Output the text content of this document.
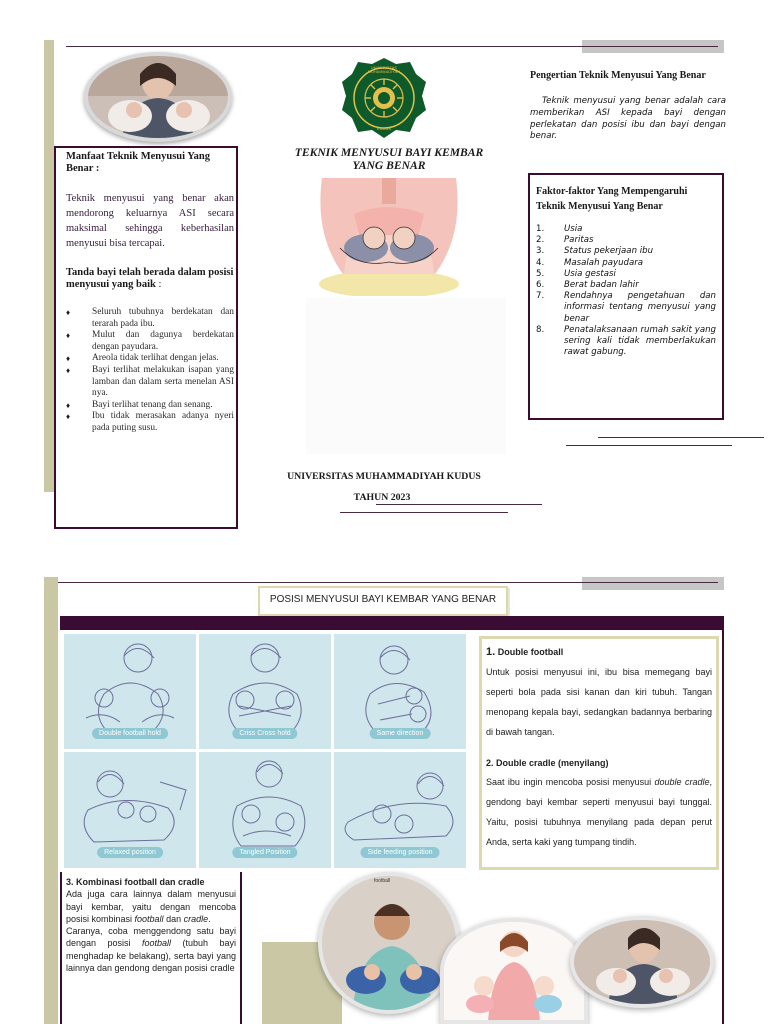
Manfaat Teknik Menyusui Yang Benar :

Teknik menyusui yang benar akan mendorong keluarnya ASI secara maksimal sehingga keberhasilan menyusui bisa tercapai.

Tanda bayi telah berada dalam posisi menyusui yang baik :
♦ Seluruh tubuhnya berdekatan dan terarah pada ibu.
♦ Mulut dan dagunya berdekatan dengan payudara.
♦ Areola tidak terlihat dengan jelas.
♦ Bayi terlihat melakukan isapan yang lamban dan dalam serta menelan ASI nya.
♦ Bayi terlihat tenang dan senang.
♦ Ibu tidak merasakan adanya nyeri pada puting susu.
UNIVERSITAS MUHAMMADIYAH
KUDUS
TEKNIK MENYUSUI BAYI KEMBAR
YANG BENAR
UNIVERSITAS MUHAMMADIYAH KUDUS
TAHUN 2023
Pengertian Teknik Menyusui Yang Benar
Teknik menyusui yang benar adalah cara memberikan ASI kepada bayi dengan perlekatan dan posisi ibu dan bayi dengan benar.
Faktor-faktor Yang Mempengaruhi Teknik Menyusui Yang Benar
1. Usia
2. Paritas
3. Status pekerjaan ibu
4. Masalah payudara
5. Usia gestasi
6. Berat badan lahir
7. Rendahnya pengetahuan dan informasi tentang menyusui yang benar
8. Penatalaksanaan rumah sakit yang sering kali tidak memberlakukan rawat gabung.
POSISI MENYUSUI BAYI KEMBAR YANG BENAR
Double football hold	Criss Cross hold	Same direction
Relaxed position	Tangled Position	Side feeding position
1. Double football
Untuk posisi menyusui ini, ibu bisa memegang bayi seperti bola pada sisi kanan dan kiri tubuh. Tangan menopang kepala bayi, sedangkan badannya berbaring di bawah tangan.
2. Double cradle (menyilang)
Saat ibu ingin mencoba posisi menyusui double cradle, gendong bayi kembar seperti menyusui bayi tunggal. Yaitu, posisi tubuhnya menyilang pada depan perut Anda, serta kaki yang tumpang tindih.
3. Kombinasi football dan cradle
Ada juga cara lainnya dalam menyusui bayi kembar, yaitu dengan mencoba posisi kombinasi football dan cradle.
Caranya, coba menggendong satu bayi dengan posisi football (tubuh bayi menghadap ke belakang), serta bayi yang lainnya dan gendong dengan posisi cradle
football
